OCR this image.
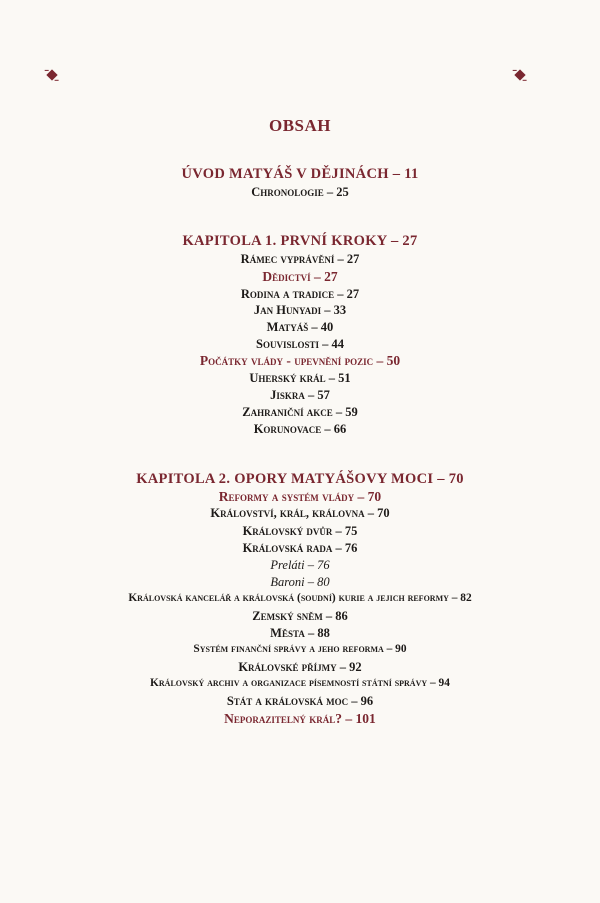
OBSAH
ÚVOD MATYÁŠ V DĚJINÁCH – 11
Chronologie – 25
KAPITOLA 1. PRVNÍ KROKY – 27
Rámec vyprávění – 27
Dědictví – 27
Rodina a tradice – 27
Jan Hunyadi – 33
Matyáš – 40
Souvislosti – 44
Počátky vlády - upevnění pozic – 50
Uherský král – 51
Jiskra – 57
Zahraniční akce – 59
Korunovace – 66
KAPITOLA 2. OPORY MATYÁŠOVY MOCI – 70
Reformy a systém vlády – 70
Království, král, královna – 70
Královský dvůr – 75
Královská rada – 76
Preláti – 76
Baroni – 80
Královská kancelář a královská (soudní) kurie a jejich reformy – 82
Zemský sněm – 86
Města – 88
Systém finanční správy a jeho reforma – 90
Královské příjmy – 92
Královský archiv a organizace písemností státní správy – 94
Stát a královská moc – 96
Neporazitelný král? – 101
